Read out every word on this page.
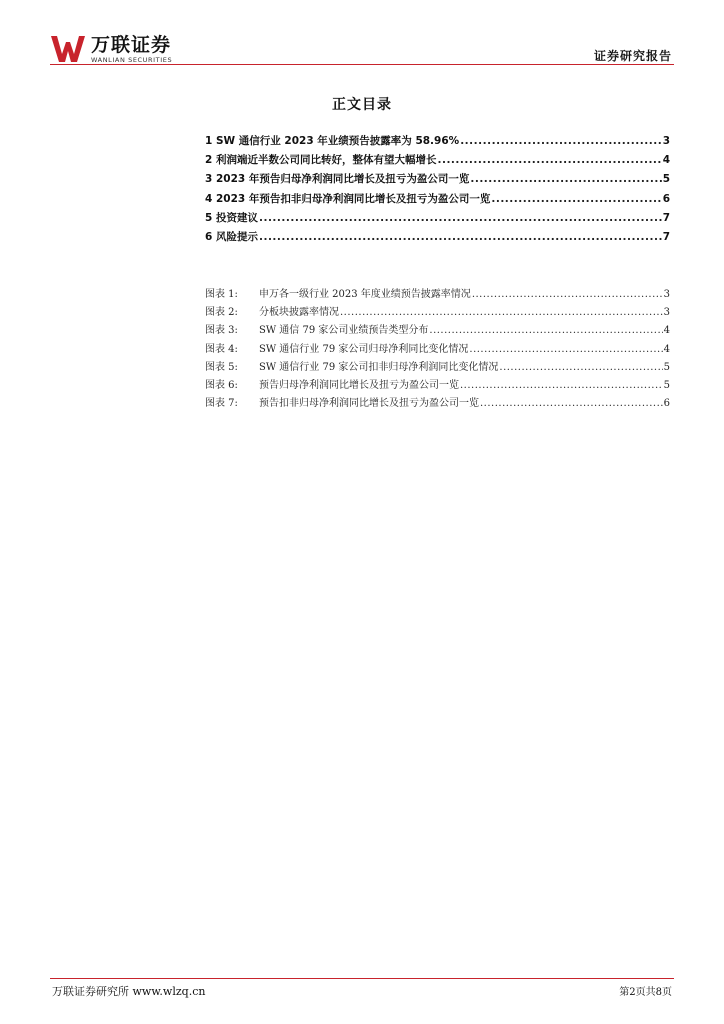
万联证券
WANLIAN SECURITIES	证券研究报告
正文目录
1 SW 通信行业 2023 年业绩预告披露率为 58.96% .....	3
2 利润端近半数公司同比转好，整体有望大幅增长 .....	4
3 2023 年预告归母净利润同比增长及扭亏为盈公司一览 .....	5
4 2023 年预告扣非归母净利润同比增长及扭亏为盈公司一览 .....	6
5 投资建议 .....	7
6 风险提示 .....	7
图表 1:	申万各一级行业 2023 年度业绩预告披露率情况 .....	3
图表 2:	分板块披露率情况 .....	3
图表 3:	SW 通信 79 家公司业绩预告类型分布 .....	4
图表 4:	SW 通信行业 79 家公司归母净利同比变化情况 .....	4
图表 5:	SW 通信行业 79 家公司扣非归母净利润同比变化情况 .....	5
图表 6:	预告归母净利润同比增长及扭亏为盈公司一览 .....	5
图表 7:	预告扣非归母净利润同比增长及扭亏为盈公司一览 .....	6
万联证券研究所 www.wlzq.cn	第2页共8页
